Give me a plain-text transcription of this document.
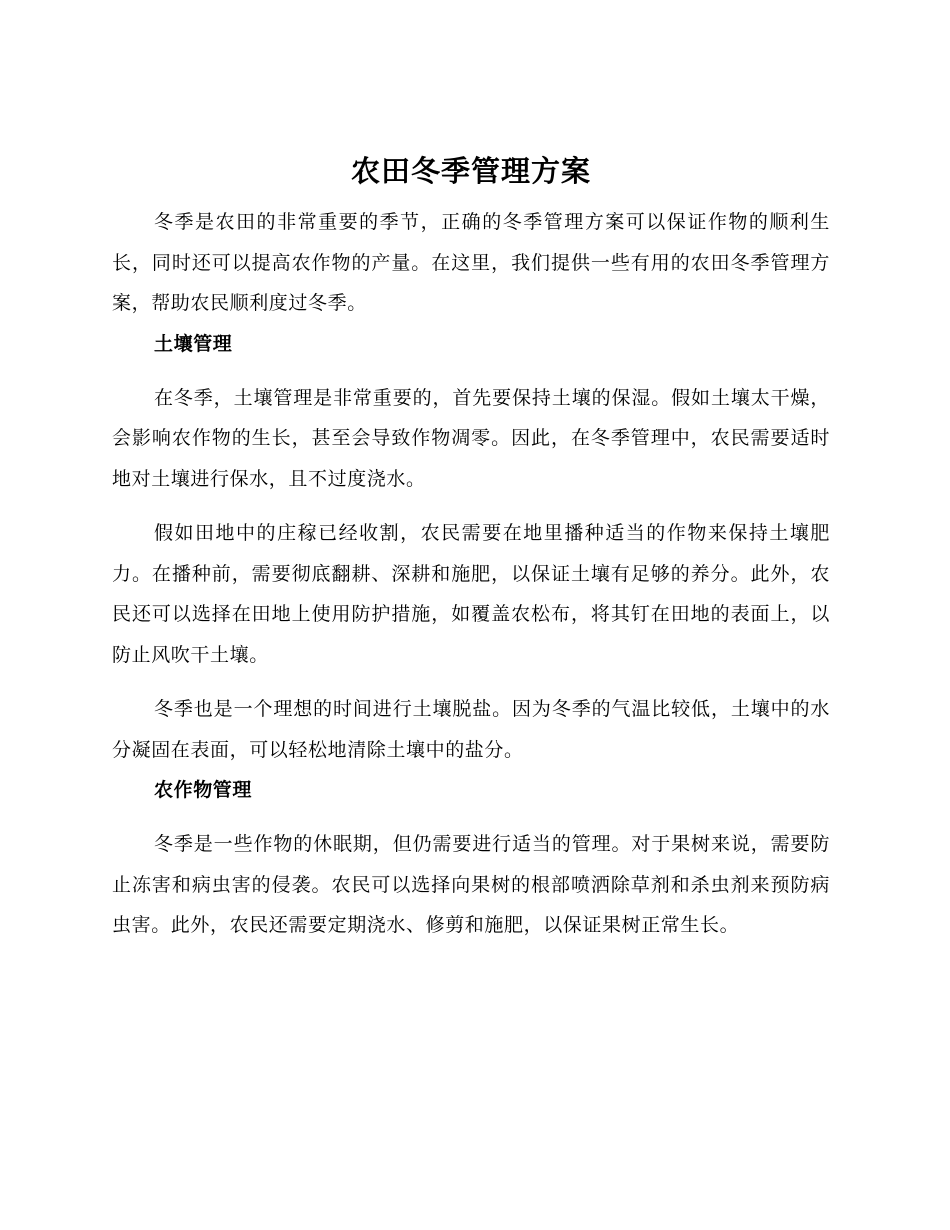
农田冬季管理方案

冬季是农田的非常重要的季节，正确的冬季管理方案可以保证作物的顺利生长，同时还可以提高农作物的产量。在这里，我们提供一些有用的农田冬季管理方案，帮助农民顺利度过冬季。

土壤管理

在冬季，土壤管理是非常重要的，首先要保持土壤的保湿。假如土壤太干燥，会影响农作物的生长，甚至会导致作物凋零。因此，在冬季管理中，农民需要适时地对土壤进行保水，且不过度浇水。

假如田地中的庄稼已经收割，农民需要在地里播种适当的作物来保持土壤肥力。在播种前，需要彻底翻耕、深耕和施肥，以保证土壤有足够的养分。此外，农民还可以选择在田地上使用防护措施，如覆盖农松布，将其钉在田地的表面上，以防止风吹干土壤。

冬季也是一个理想的时间进行土壤脱盐。因为冬季的气温比较低，土壤中的水分凝固在表面，可以轻松地清除土壤中的盐分。

农作物管理

冬季是一些作物的休眠期，但仍需要进行适当的管理。对于果树来说，需要防止冻害和病虫害的侵袭。农民可以选择向果树的根部喷洒除草剂和杀虫剂来预防病虫害。此外，农民还需要定期浇水、修剪和施肥，以保证果树正常生长。
